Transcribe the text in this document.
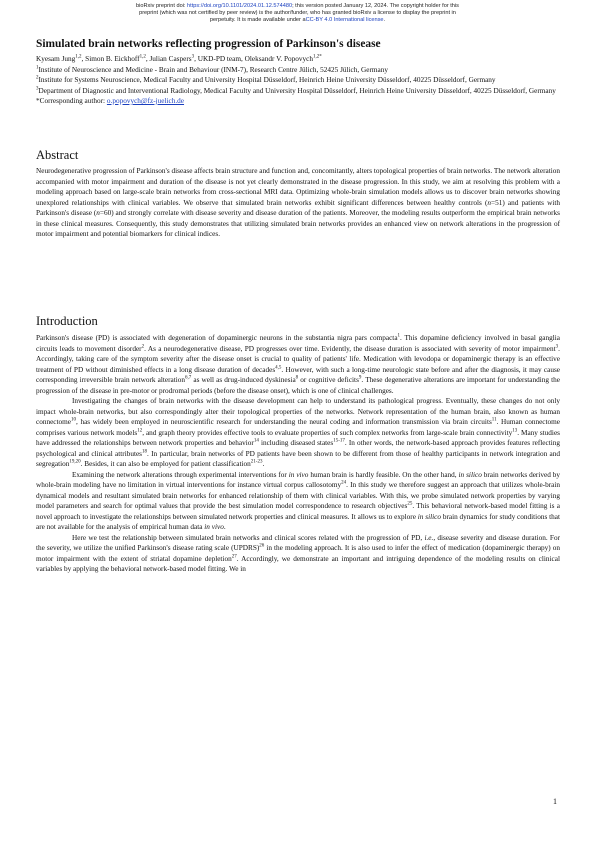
bioRxiv preprint doi: https://doi.org/10.1101/2024.01.12.574480; this version posted January 12, 2024. The copyright holder for this
preprint (which was not certified by peer review) is the author/funder, who has granted bioRxiv a license to display the preprint in
perpetuity. It is made available under aCC-BY 4.0 International license.
Simulated brain networks reflecting progression of Parkinson's disease

Kyesam Jung$^{1,2}$, Simon B. Eickhoff$^{1,2}$, Julian Caspers$^3$, UKD-PD team, Oleksandr V. Popovych$^{1,2*}$

$^1$Institute of Neuroscience and Medicine - Brain and Behaviour (INM-7), Research Centre Jülich, 52425 Jülich, Germany

$^2$Institute for Systems Neuroscience, Medical Faculty and University Hospital Düsseldorf, Heinrich Heine University Düsseldorf, 40225 Düsseldorf, Germany

$^3$Department of Diagnostic and Interventional Radiology, Medical Faculty and University Hospital Düsseldorf, Heinrich Heine University Düsseldorf, 40225 Düsseldorf, Germany

*Corresponding author: o.popovych@fz-juelich.de

Abstract

Neurodegenerative progression of Parkinson's disease affects brain structure and function and, concomitantly, alters topological properties of brain networks. The network alteration accompanied with motor impairment and duration of the disease is not yet clearly demonstrated in the disease progression. In this study, we aim at resolving this problem with a modeling approach based on large-scale brain networks from cross-sectional MRI data. Optimizing whole-brain simulation models allows us to discover brain networks showing unexplored relationships with clinical variables. We observe that simulated brain networks exhibit significant differences between healthy controls (n=51) and patients with Parkinson's disease (n=60) and strongly correlate with disease severity and disease duration of the patients. Moreover, the modeling results outperform the empirical brain networks in these clinical measures. Consequently, this study demonstrates that utilizing simulated brain networks provides an enhanced view on network alterations in the progression of motor impairment and potential biomarkers for clinical indices.

Introduction

Parkinson's disease (PD) is associated with degeneration of dopaminergic neurons in the substantia nigra pars compacta$^1$. This dopamine deficiency involved in basal ganglia circuits leads to movement disorder$^2$. As a neurodegenerative disease, PD progresses over time. Evidently, the disease duration is associated with severity of motor impairment$^3$. Accordingly, taking care of the symptom severity after the disease onset is crucial to quality of patients' life. Medication with levodopa or dopaminergic therapy is an effective treatment of PD without diminished effects in a long disease duration of decades$^{4,5}$. However, with such a long-time neurologic state before and after the diagnosis, it may cause corresponding irreversible brain network alteration$^{6,7}$ as well as drug-induced dyskinesia$^8$ or cognitive deficits$^9$. These degenerative alterations are important for understanding the progression of the disease in pre-motor or prodromal periods (before the disease onset), which is one of clinical challenges.

Investigating the changes of brain networks with the disease development can help to understand its pathological progress. Eventually, these changes do not only impact whole-brain networks, but also correspondingly alter their topological properties of the networks. Network representation of the human brain, also known as human connectome$^{10}$, has widely been employed in neuroscientific research for understanding the neural coding and information transmission via brain circuits$^{11}$. Human connectome comprises various network models$^{12}$, and graph theory provides effective tools to evaluate properties of such complex networks from large-scale brain connectivity$^{13}$. Many studies have addressed the relationships between network properties and behavior$^{14}$ including diseased states$^{15-17}$. In other words, the network-based approach provides features reflecting psychological and clinical attributes$^{18}$. In particular, brain networks of PD patients have been shown to be different from those of healthy participants in network integration and segregation$^{19,20}$. Besides, it can also be employed for patient classification$^{21-23}$.

Examining the network alterations through experimental interventions for in vivo human brain is hardly feasible. On the other hand, in silico brain networks derived by whole-brain modeling have no limitation in virtual interventions for instance virtual corpus callosotomy$^{24}$. In this study we therefore suggest an approach that utilizes whole-brain dynamical models and resultant simulated brain networks for enhanced relationship of them with clinical variables. With this, we probe simulated network properties by varying model parameters and search for optimal values that provide the best simulation model correspondence to research objectives$^{25}$. This behavioral network-based model fitting is a novel approach to investigate the relationships between simulated network properties and clinical measures. It allows us to explore in silico brain dynamics for study conditions that are not available for the analysis of empirical human data in vivo.

Here we test the relationship between simulated brain networks and clinical scores related with the progression of PD, i.e., disease severity and disease duration. For the severity, we utilize the unified Parkinson's disease rating scale (UPDRS)$^{26}$ in the modeling approach. It is also used to infer the effect of medication (dopaminergic therapy) on motor impairment with the extent of striatal dopamine depletion$^{27}$. Accordingly, we demonstrate an important and intriguing dependence of the modeling results on clinical variables by applying the behavioral network-based model fitting. We in

1
